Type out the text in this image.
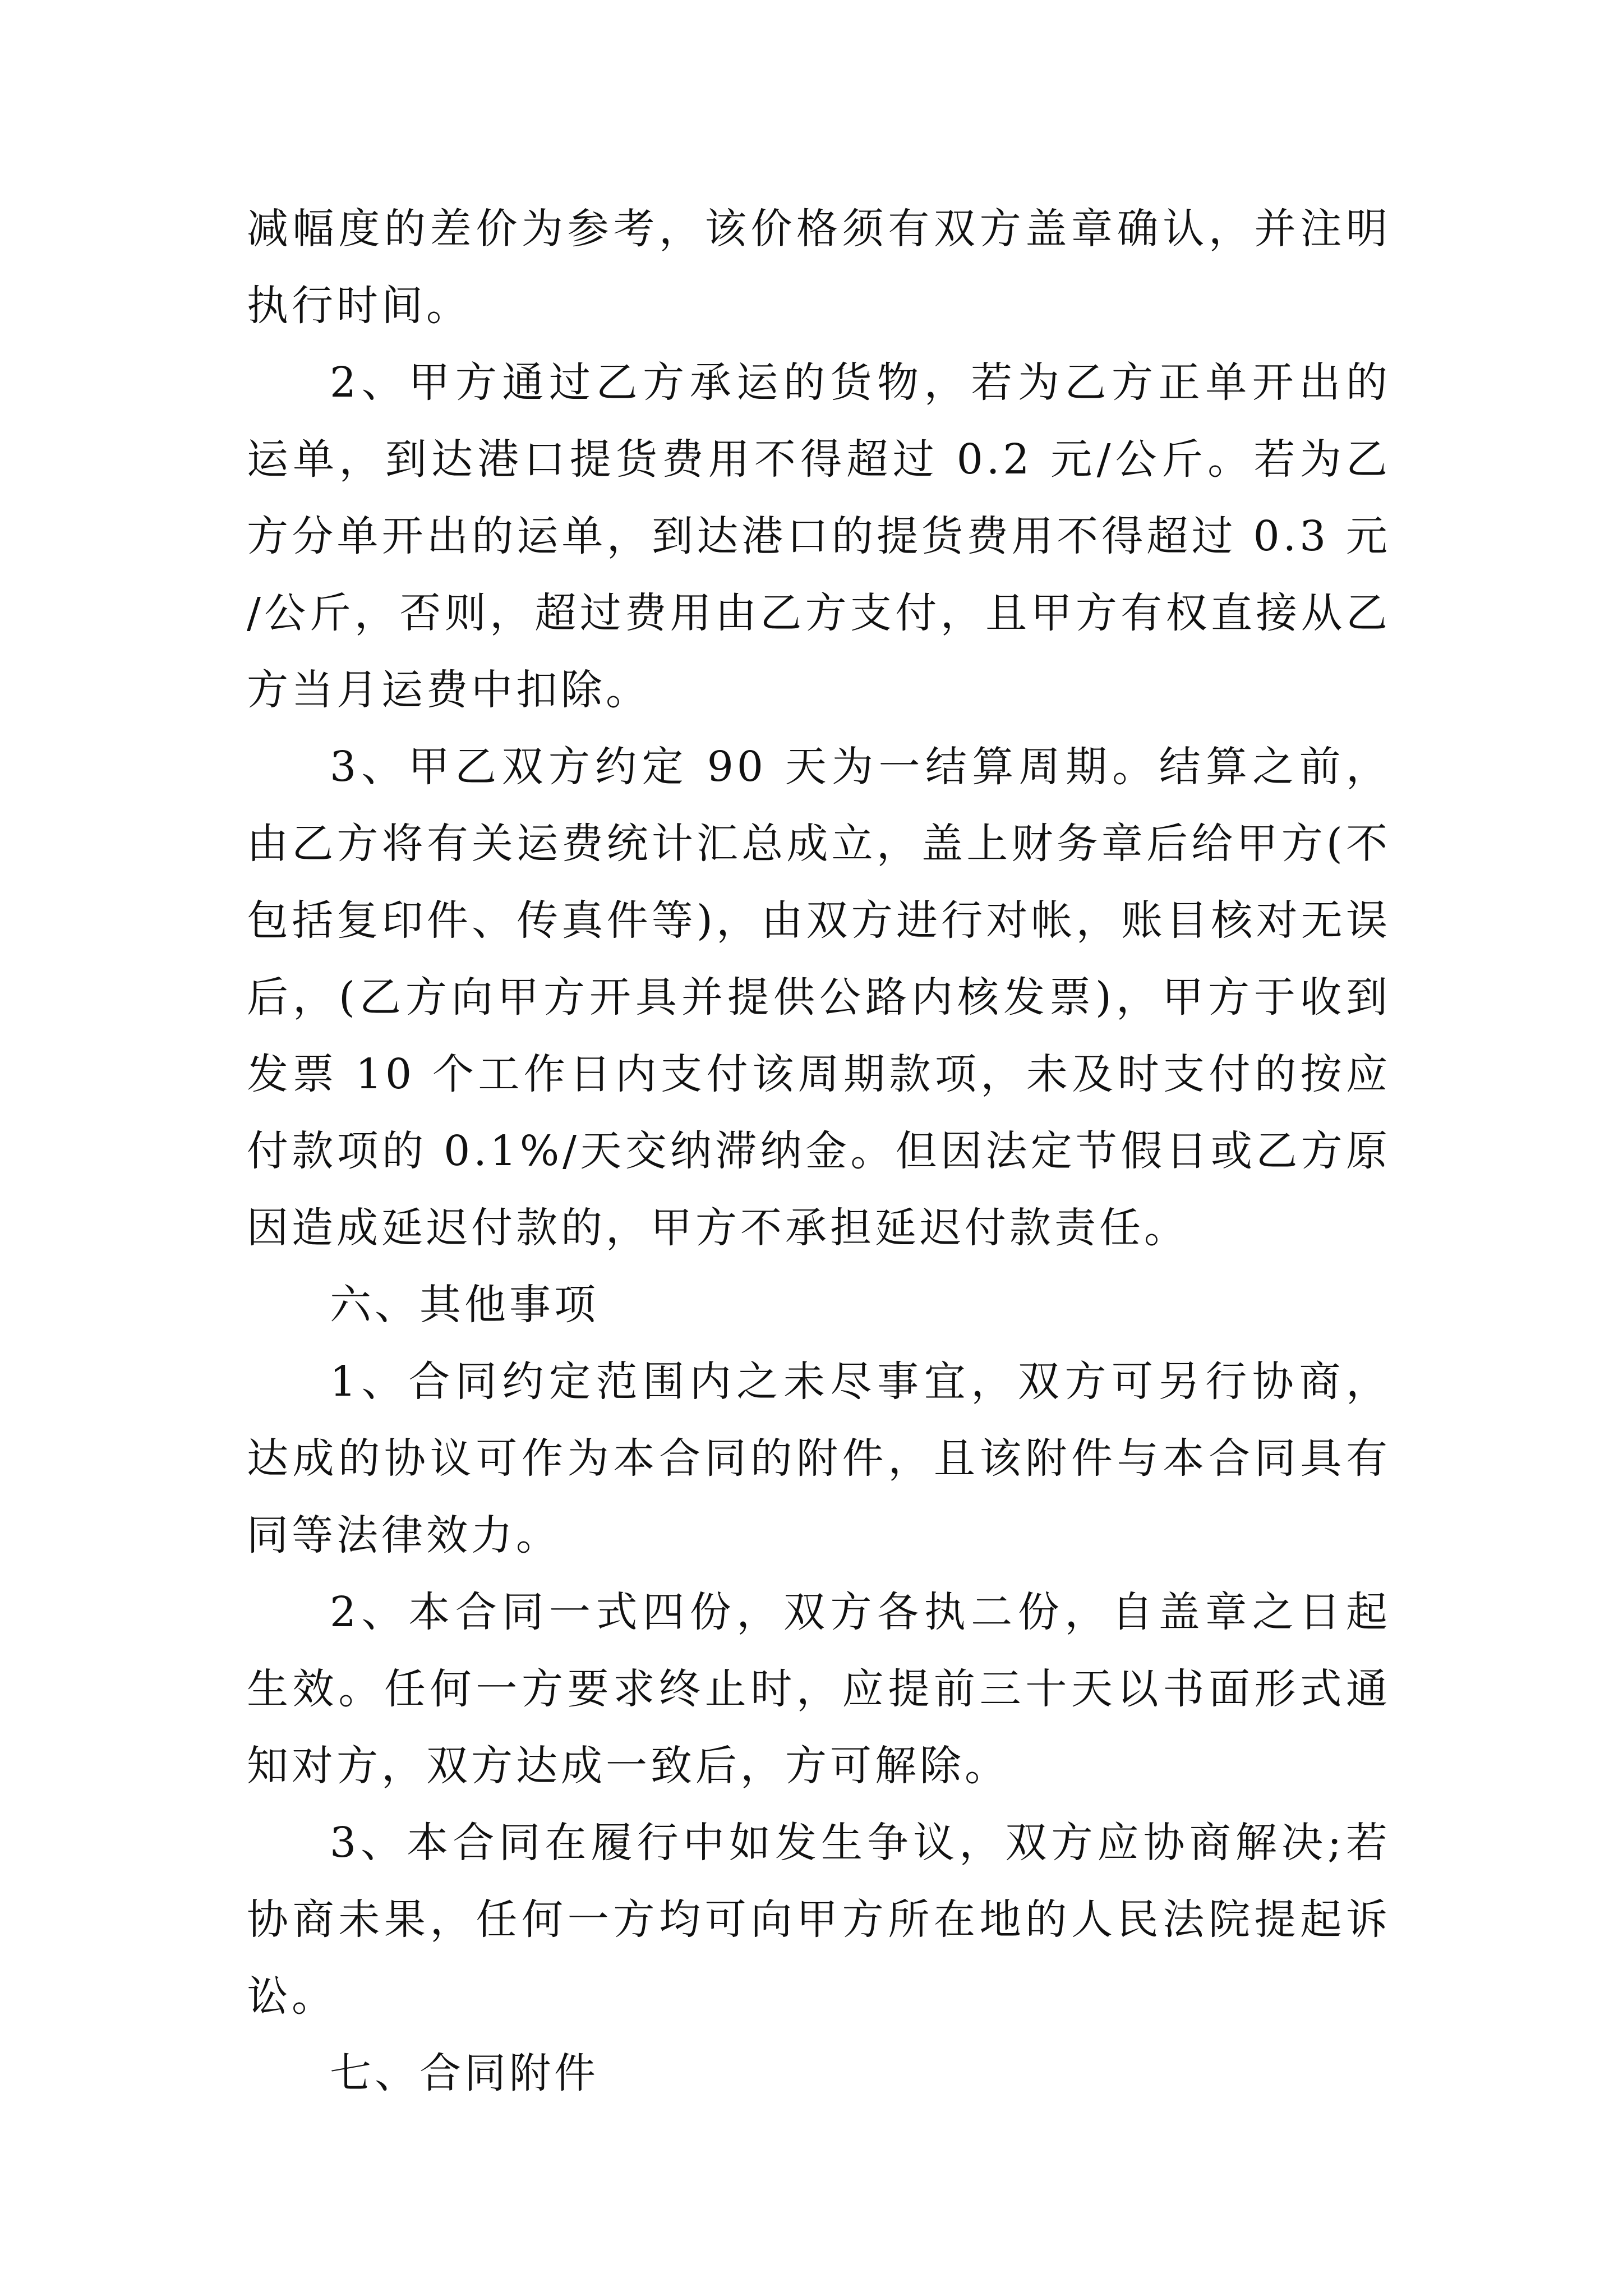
减幅度的差价为参考，该价格须有双方盖章确认，并注明执行时间。

2、甲方通过乙方承运的货物，若为乙方正单开出的运单，到达港口提货费用不得超过 0.2 元/公斤。若为乙方分单开出的运单，到达港口的提货费用不得超过 0.3 元/公斤，否则，超过费用由乙方支付，且甲方有权直接从乙方当月运费中扣除。

3、甲乙双方约定 90 天为一结算周期。结算之前，由乙方将有关运费统计汇总成立，盖上财务章后给甲方(不包括复印件、传真件等)，由双方进行对帐，账目核对无误后，(乙方向甲方开具并提供公路内核发票)，甲方于收到发票 10 个工作日内支付该周期款项，未及时支付的按应付款项的 0.1%/天交纳滞纳金。但因法定节假日或乙方原因造成延迟付款的，甲方不承担延迟付款责任。

六、其他事项

1、合同约定范围内之未尽事宜，双方可另行协商，达成的协议可作为本合同的附件，且该附件与本合同具有同等法律效力。

2、本合同一式四份，双方各执二份，自盖章之日起生效。任何一方要求终止时，应提前三十天以书面形式通知对方，双方达成一致后，方可解除。

3、本合同在履行中如发生争议，双方应协商解决;若协商未果，任何一方均可向甲方所在地的人民法院提起诉讼。

七、合同附件
